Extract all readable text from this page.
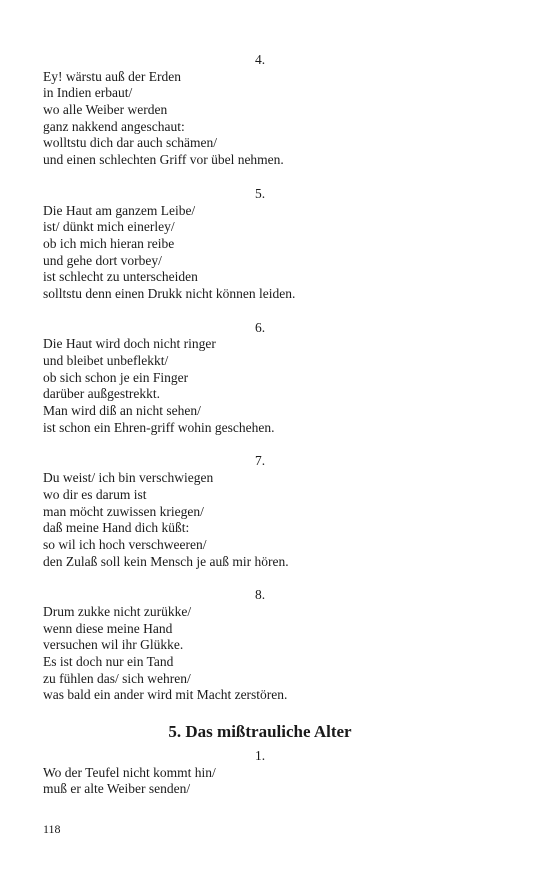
4.
Ey! wärstu auß der Erden
in Indien erbaut/
wo alle Weiber werden
ganz nakkend angeschaut:
wolltstu dich dar auch schämen/
und einen schlechten Griff vor übel nehmen.
5.
Die Haut am ganzem Leibe/
ist/ dünkt mich einerley/
ob ich mich hieran reibe
und gehe dort vorbey/
ist schlecht zu unterscheiden
solltstu denn einen Drukk nicht können leiden.
6.
Die Haut wird doch nicht ringer
und bleibet unbeflekkt/
ob sich schon je ein Finger
darüber außgestrekkt.
Man wird diß an nicht sehen/
ist schon ein Ehren-griff wohin geschehen.
7.
Du weist/ ich bin verschwiegen
wo dir es darum ist
man möcht zuwissen kriegen/
daß meine Hand dich küßt:
so wil ich hoch verschweeren/
den Zulaß soll kein Mensch je auß mir hören.
8.
Drum zukke nicht zurükke/
wenn diese meine Hand
versuchen wil ihr Glükke.
Es ist doch nur ein Tand
zu fühlen das/ sich wehren/
was bald ein ander wird mit Macht zerstören.
5. Das mißtrauliche Alter
1.
Wo der Teufel nicht kommt hin/
muß er alte Weiber senden/
118
